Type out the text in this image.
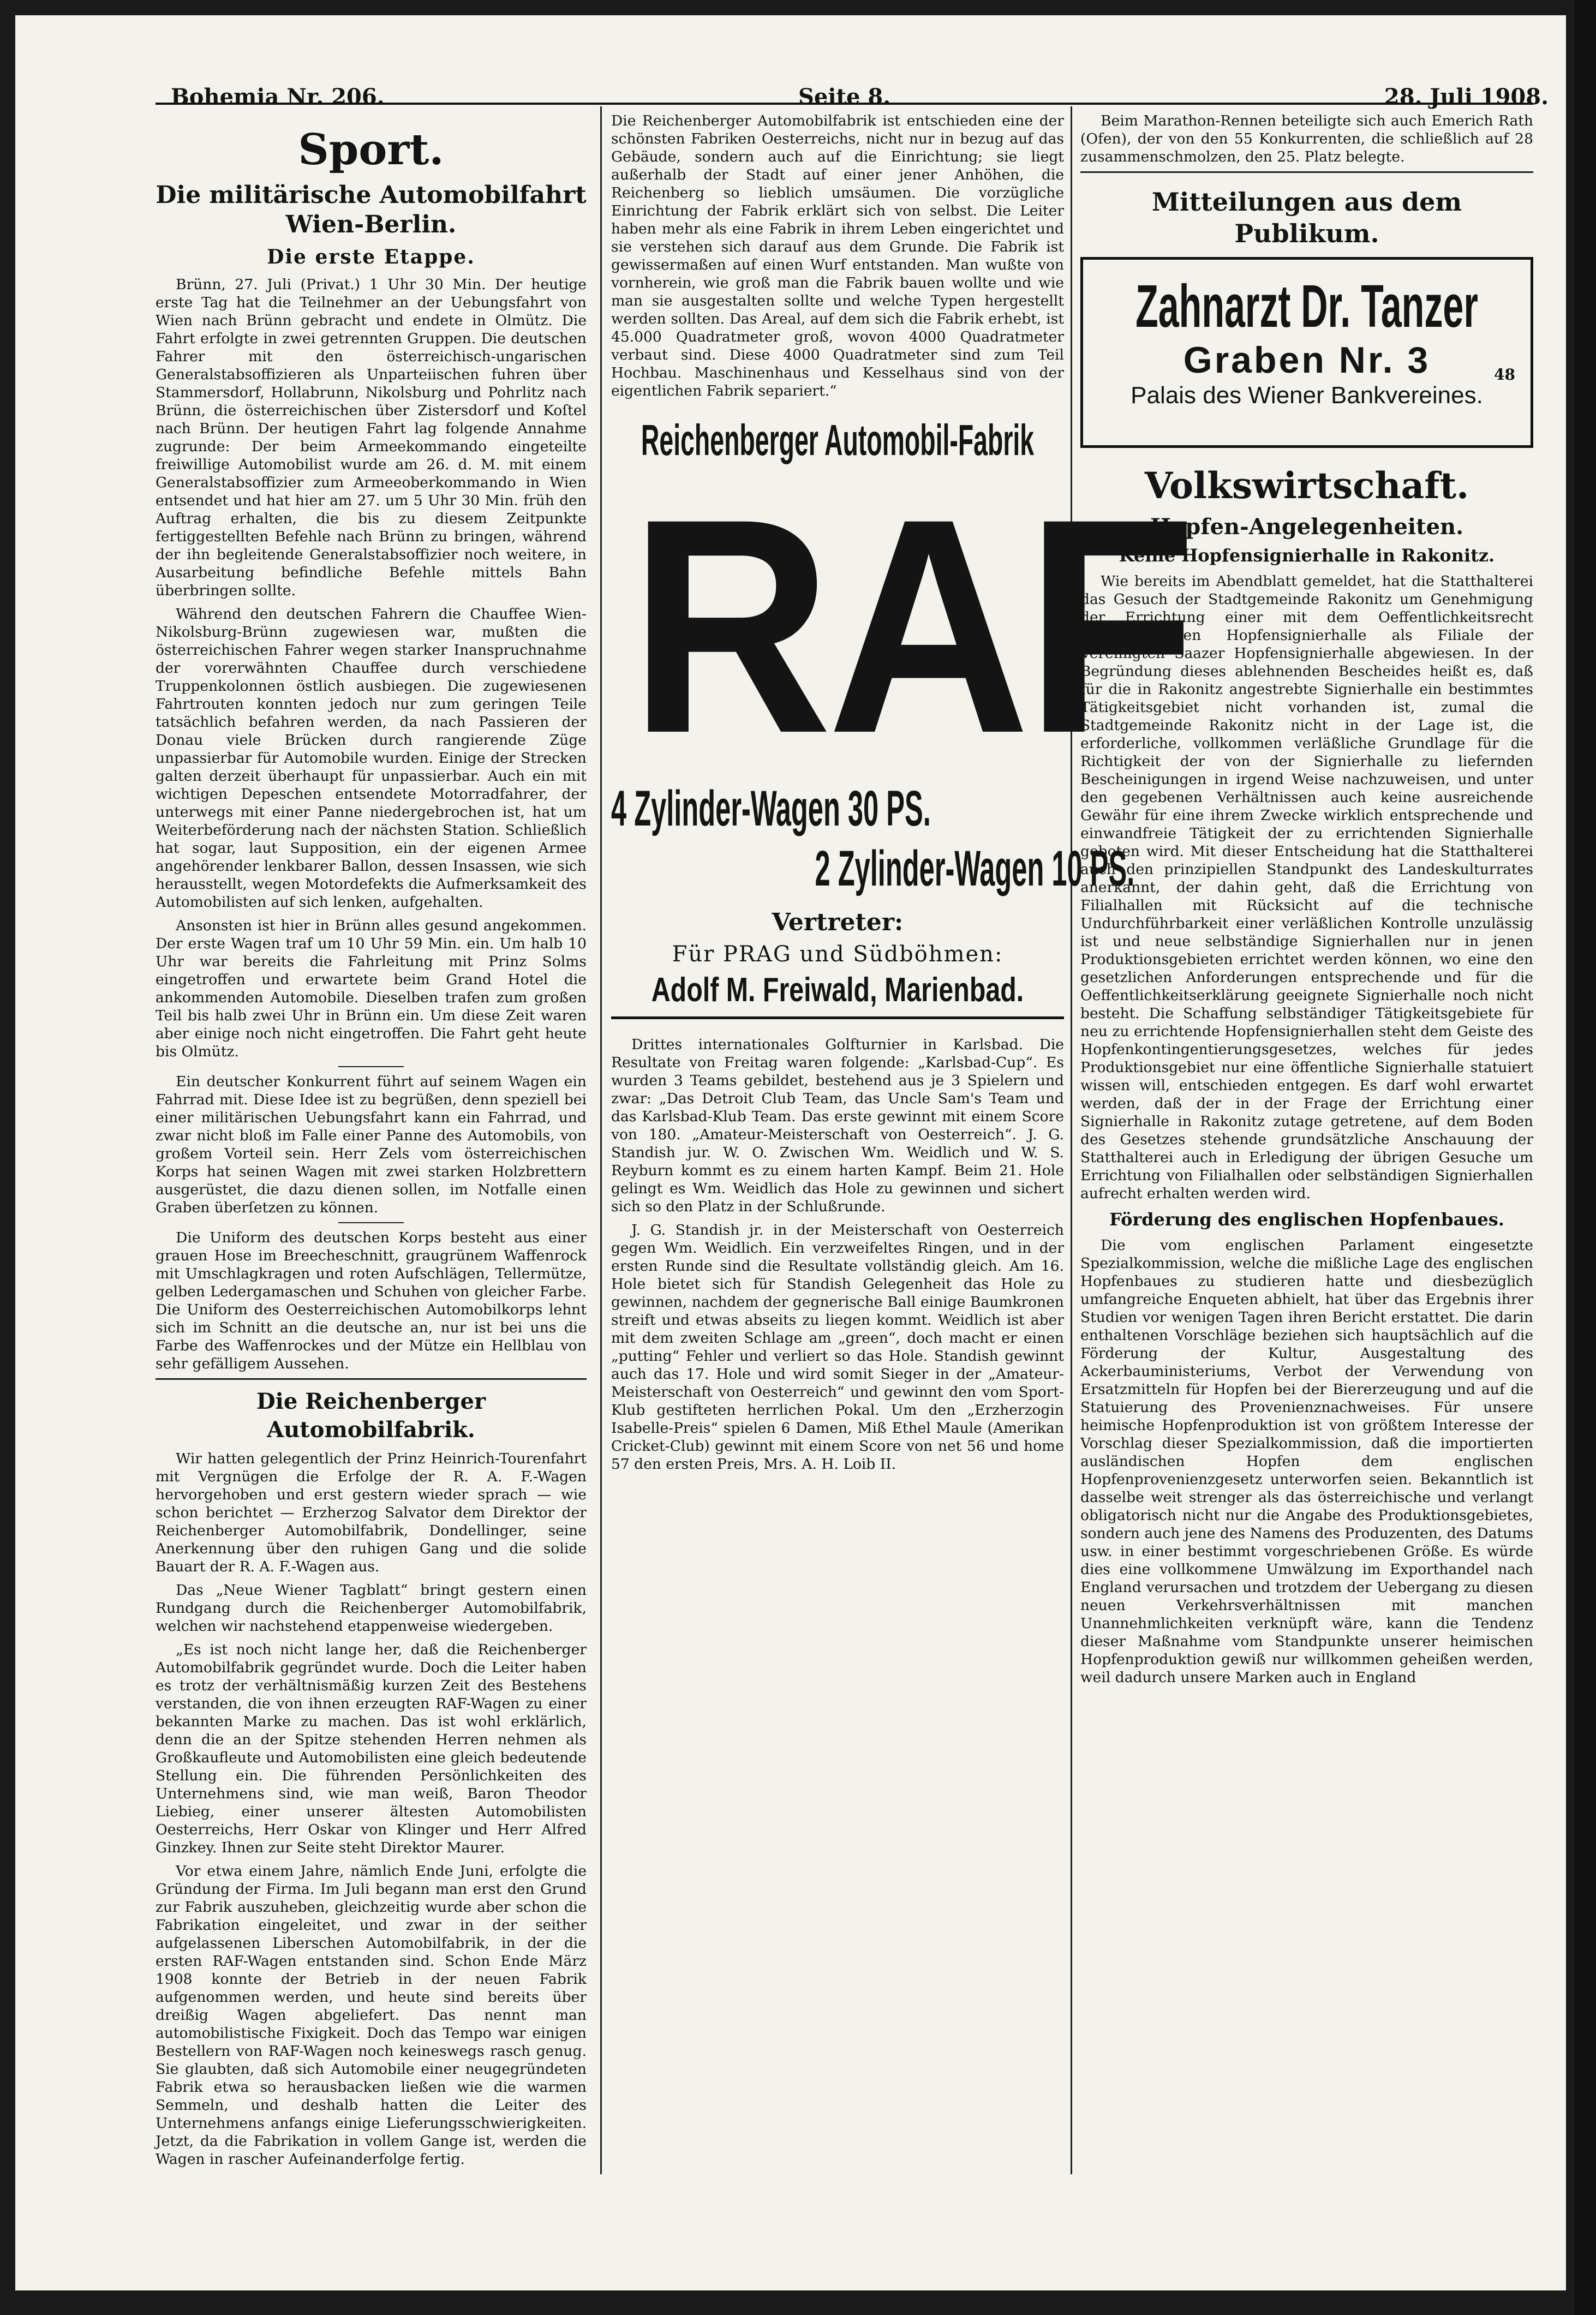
Bohemia Nr. 206.	Seite 8.	28. Juli 1908.
Sport.
Die militärische Automobilfahrt Wien-Berlin.
Die erste Etappe.

Brünn, 27. Juli (Privat.) 1 Uhr 30 Min. Der heutige erste Tag hat die Teilnehmer an der Uebungsfahrt von Wien nach Brünn gebracht und endete in Olmütz. Die Fahrt erfolgte in zwei getrennten Gruppen. Die deutschen Fahrer mit den österreichisch-ungarischen Generalstabsoffizieren als Unparteiischen fuhren über Stammersdorf, Hollabrunn, Nikolsburg und Pohrlitz nach Brünn, die österreichischen über Zistersdorf und Koſtel nach Brünn. Der heutigen Fahrt lag folgende Annahme zugrunde: Der beim Armeekommando eingeteilte freiwillige Automobilist wurde am 26. d. M. mit einem Generalstabsoffizier zum Armeeoberkommando in Wien entsendet und hat hier am 27. um 5 Uhr 30 Min. früh den Auftrag erhalten, die bis zu diesem Zeitpunkte fertiggestellten Befehle nach Brünn zu bringen, während der ihn begleitende Generalstabsoffizier noch weitere, in Ausarbeitung befindliche Befehle mittels Bahn überbringen sollte.

Während den deutschen Fahrern die Chauffee Wien-Nikolsburg-Brünn zugewiesen war, mußten die österreichischen Fahrer wegen starker Inanspruchnahme der vorerwähnten Chauffee durch verschiedene Truppenkolonnen östlich ausbiegen. Die zugewiesenen Fahrtrouten konnten jedoch nur zum geringen Teile tatsächlich befahren werden, da nach Passieren der Donau viele Brücken durch rangierende Züge unpassierbar für Automobile wurden. Einige der Strecken galten derzeit überhaupt für unpassierbar. Auch ein mit wichtigen Depeschen entsendete Motorradfahrer, der unterwegs mit einer Panne niedergebrochen ist, hat um Weiterbeförderung nach der nächsten Station. Schließlich hat sogar, laut Supposition, ein der eigenen Armee angehörender lenkbarer Ballon, dessen Insassen, wie sich herausstellt, wegen Motordefekts die Aufmerksamkeit des Automobilisten auf sich lenken, aufgehalten.

Ansonsten ist hier in Brünn alles gesund angekommen. Der erste Wagen traf um 10 Uhr 59 Min. ein. Um halb 10 Uhr war bereits die Fahrleitung mit Prinz Solms eingetroffen und erwartete beim Grand Hotel die ankommenden Automobile. Dieselben trafen zum großen Teil bis halb zwei Uhr in Brünn ein. Um diese Zeit waren aber einige noch nicht eingetroffen. Die Fahrt geht heute bis Olmütz.

Ein deutscher Konkurrent führt auf seinem Wagen ein Fahrrad mit. Diese Idee ist zu begrüßen, denn speziell bei einer militärischen Uebungsfahrt kann ein Fahrrad, und zwar nicht bloß im Falle einer Panne des Automobils, von großem Vorteil sein. Herr Zels vom österreichischen Korps hat seinen Wagen mit zwei starken Holzbrettern ausgerüstet, die dazu dienen sollen, im Notfalle einen Graben überſetzen zu können.

Die Uniform des deutschen Korps besteht aus einer grauen Hose im Breecheschnitt, graugrünem Waffenrock mit Umschlagkragen und roten Aufschlägen, Tellermütze, gelben Ledergamaschen und Schuhen von gleicher Farbe. Die Uniform des Oesterreichischen Automobilkorps lehnt sich im Schnitt an die deutsche an, nur ist bei uns die Farbe des Waffenrockes und der Mütze ein Hellblau von sehr gefälligem Aussehen.

Die Reichenberger Automobilfabrik.

Wir hatten gelegentlich der Prinz Heinrich-Tourenfahrt mit Vergnügen die Erfolge der R. A. F.-Wagen hervorgehoben und erst gestern wieder sprach — wie schon berichtet — Erzherzog Salvator dem Direktor der Reichenberger Automobilfabrik, Dondellinger, seine Anerkennung über den ruhigen Gang und die solide Bauart der R. A. F.-Wagen aus.

Das „Neue Wiener Tagblatt“ bringt gestern einen Rundgang durch die Reichenberger Automobilfabrik, welchen wir nachstehend etappenweise wiedergeben.

„Es ist noch nicht lange her, daß die Reichenberger Automobilfabrik gegründet wurde. Doch die Leiter haben es trotz der verhältnismäßig kurzen Zeit des Bestehens verstanden, die von ihnen erzeugten RAF-Wagen zu einer bekannten Marke zu machen. Das ist wohl erklärlich, denn die an der Spitze stehenden Herren nehmen als Großkaufleute und Automobilisten eine gleich bedeutende Stellung ein. Die führenden Persönlichkeiten des Unternehmens sind, wie man weiß, Baron Theodor Liebieg, einer unserer ältesten Automobilisten Oesterreichs, Herr Oskar von Klinger und Herr Alfred Ginzkey. Ihnen zur Seite steht Direktor Maurer.

Vor etwa einem Jahre, nämlich Ende Juni, erfolgte die Gründung der Firma. Im Juli begann man erst den Grund zur Fabrik auszuheben, gleichzeitig wurde aber schon die Fabrikation eingeleitet, und zwar in der seither aufgelassenen Liberschen Automobilfabrik, in der die ersten RAF-Wagen entstanden sind. Schon Ende März 1908 konnte der Betrieb in der neuen Fabrik aufgenommen werden, und heute sind bereits über dreißig Wagen abgeliefert. Das nennt man automobilistische Fixigkeit. Doch das Tempo war einigen Bestellern von RAF-Wagen noch keineswegs rasch genug. Sie glaubten, daß sich Automobile einer neugegründeten Fabrik etwa so herausbacken ließen wie die warmen Semmeln, und deshalb hatten die Leiter des Unternehmens anfangs einige Lieferungsschwierigkeiten. Jetzt, da die Fabrikation in vollem Gange ist, werden die Wagen in rascher Aufeinanderfolge fertig.

Die Reichenberger Automobilfabrik ist entschieden eine der schönsten Fabriken Oesterreichs, nicht nur in bezug auf das Gebäude, sondern auch auf die Einrichtung; sie liegt außerhalb der Stadt auf einer jener Anhöhen, die Reichenberg so lieblich umsäumen. Die vorzügliche Einrichtung der Fabrik erklärt sich von selbst. Die Leiter haben mehr als eine Fabrik in ihrem Leben eingerichtet und sie verstehen sich darauf aus dem Grunde. Die Fabrik ist gewissermaßen auf einen Wurf entstanden. Man wußte von vornherein, wie groß man die Fabrik bauen wollte und wie man sie ausgestalten sollte und welche Typen hergestellt werden sollten. Das Areal, auf dem sich die Fabrik erhebt, ist 45.000 Quadratmeter groß, wovon 4000 Quadratmeter verbaut sind. Diese 4000 Quadratmeter sind zum Teil Hochbau. Maschinenhaus und Kesselhaus sind von der eigentlichen Fabrik separiert.“

Reichenberger Automobil-Fabrik
RAF
4 Zylinder-Wagen 30 PS.
2 Zylinder-Wagen 10 PS.
Vertreter:
Für PRAG und Südböhmen:
Adolf M. Freiwald, Marienbad.

Drittes internationales Golfturnier in Karlsbad. Die Resultate von Freitag waren folgende: „Karlsbad-Cup“. Es wurden 3 Teams gebildet, bestehend aus je 3 Spielern und zwar: „Das Detroit Club Team, das Uncle Sam's Team und das Karlsbad-Klub Team. Das erste gewinnt mit einem Score von 180. „Amateur-Meisterschaft von Oesterreich“. J. G. Standish jur. W. O. Zwischen Wm. Weidlich und W. S. Reyburn kommt es zu einem harten Kampf. Beim 21. Hole gelingt es Wm. Weidlich das Hole zu gewinnen und sichert sich so den Platz in der Schlußrunde.

J. G. Standish jr. in der Meisterschaft von Oesterreich gegen Wm. Weidlich. Ein verzweifeltes Ringen, und in der ersten Runde sind die Resultate vollständig gleich. Am 16. Hole bietet sich für Standish Gelegenheit das Hole zu gewinnen, nachdem der gegnerische Ball einige Baumkronen streift und etwas abseits zu liegen kommt. Weidlich ist aber mit dem zweiten Schlage am „green“, doch macht er einen „putting“ Fehler und verliert so das Hole. Standish gewinnt auch das 17. Hole und wird somit Sieger in der „Amateur-Meisterschaft von Oesterreich“ und gewinnt den vom Sport-Klub gestifteten herrlichen Pokal. Um den „Erzherzogin Isabelle-Preis“ spielen 6 Damen, Miß Ethel Maule (Amerikan Cricket-Club) gewinnt mit einem Score von net 56 und home 57 den ersten Preis, Mrs. A. H. Loib II.

Beim Marathon-Rennen beteiligte sich auch Emerich Rath (Ofen), der von den 55 Konkurrenten, die schließlich auf 28 zusammenschmolzen, den 25. Platz belegte.

Mitteilungen aus dem Publikum.
Zahnarzt Dr. Tanzer
Graben Nr. 3	48
Palais des Wiener Bankvereines.
Volkswirtschaft.
Hopfen-Angelegenheiten.
Keine Hopfensignierhalle in Rakonitz.

Wie bereits im Abendblatt gemeldet, hat die Statthalterei das Gesuch der Stadtgemeinde Rakonitz um Genehmigung der Errichtung einer mit dem Oeffentlichkeitsrecht auszustattenden Hopfensignierhalle als Filiale der Vereinigten Saazer Hopfensignierhalle abgewiesen. In der Begründung dieses ablehnenden Bescheides heißt es, daß für die in Rakonitz angestrebte Signierhalle ein bestimmtes Tätigkeitsgebiet nicht vorhanden ist, zumal die Stadtgemeinde Rakonitz nicht in der Lage ist, die erforderliche, vollkommen verläßliche Grundlage für die Richtigkeit der von der Signierhalle zu liefernden Bescheinigungen in irgend Weise nachzuweisen, und unter den gegebenen Verhältnissen auch keine ausreichende Gewähr für eine ihrem Zwecke wirklich entsprechende und einwandfreie Tätigkeit der zu errichtenden Signierhalle geboten wird. Mit dieser Entscheidung hat die Statthalterei auch den prinzipiellen Standpunkt des Landeskulturrates anerkannt, der dahin geht, daß die Errichtung von Filialhallen mit Rücksicht auf die technische Undurchführbarkeit einer verläßlichen Kontrolle unzulässig ist und neue selbständige Signierhallen nur in jenen Produktionsgebieten errichtet werden können, wo eine den gesetzlichen Anforderungen entsprechende und für die Oeffentlichkeitserklärung geeignete Signierhalle noch nicht besteht. Die Schaffung selbständiger Tätigkeitsgebiete für neu zu errichtende Hopfensignierhallen steht dem Geiste des Hopfenkontingentierungsgesetzes, welches für jedes Produktionsgebiet nur eine öffentliche Signierhalle statuiert wissen will, entschieden entgegen. Es darf wohl erwartet werden, daß der in der Frage der Errichtung einer Signierhalle in Rakonitz zutage getretene, auf dem Boden des Gesetzes stehende grundsätzliche Anschauung der Statthalterei auch in Erledigung der übrigen Gesuche um Errichtung von Filialhallen oder selbständigen Signierhallen aufrecht erhalten werden wird.

Förderung des englischen Hopfenbaues.

Die vom englischen Parlament eingesetzte Spezialkommission, welche die mißliche Lage des englischen Hopfenbaues zu studieren hatte und diesbezüglich umfangreiche Enqueten abhielt, hat über das Ergebnis ihrer Studien vor wenigen Tagen ihren Bericht erstattet. Die darin enthaltenen Vorschläge beziehen sich hauptsächlich auf die Förderung der Kultur, Ausgestaltung des Ackerbauministeriums, Verbot der Verwendung von Ersatzmitteln für Hopfen bei der Biererzeugung und auf die Statuierung des Provenienznachweises. Für unsere heimische Hopfenproduktion ist von größtem Interesse der Vorschlag dieser Spezialkommission, daß die importierten ausländischen Hopfen dem englischen Hopfenprovenienzgesetz unterworfen seien. Bekanntlich ist dasselbe weit strenger als das österreichische und verlangt obligatorisch nicht nur die Angabe des Produktionsgebietes, sondern auch jene des Namens des Produzenten, des Datums usw. in einer bestimmt vorgeschriebenen Größe. Es würde dies eine vollkommene Umwälzung im Exporthandel nach England verursachen und trotzdem der Uebergang zu diesen neuen Verkehrsverhältnissen mit manchen Unannehmlichkeiten verknüpft wäre, kann die Tendenz dieser Maßnahme vom Standpunkte unserer heimischen Hopfenproduktion gewiß nur willkommen geheißen werden, weil dadurch unsere Marken auch in England
